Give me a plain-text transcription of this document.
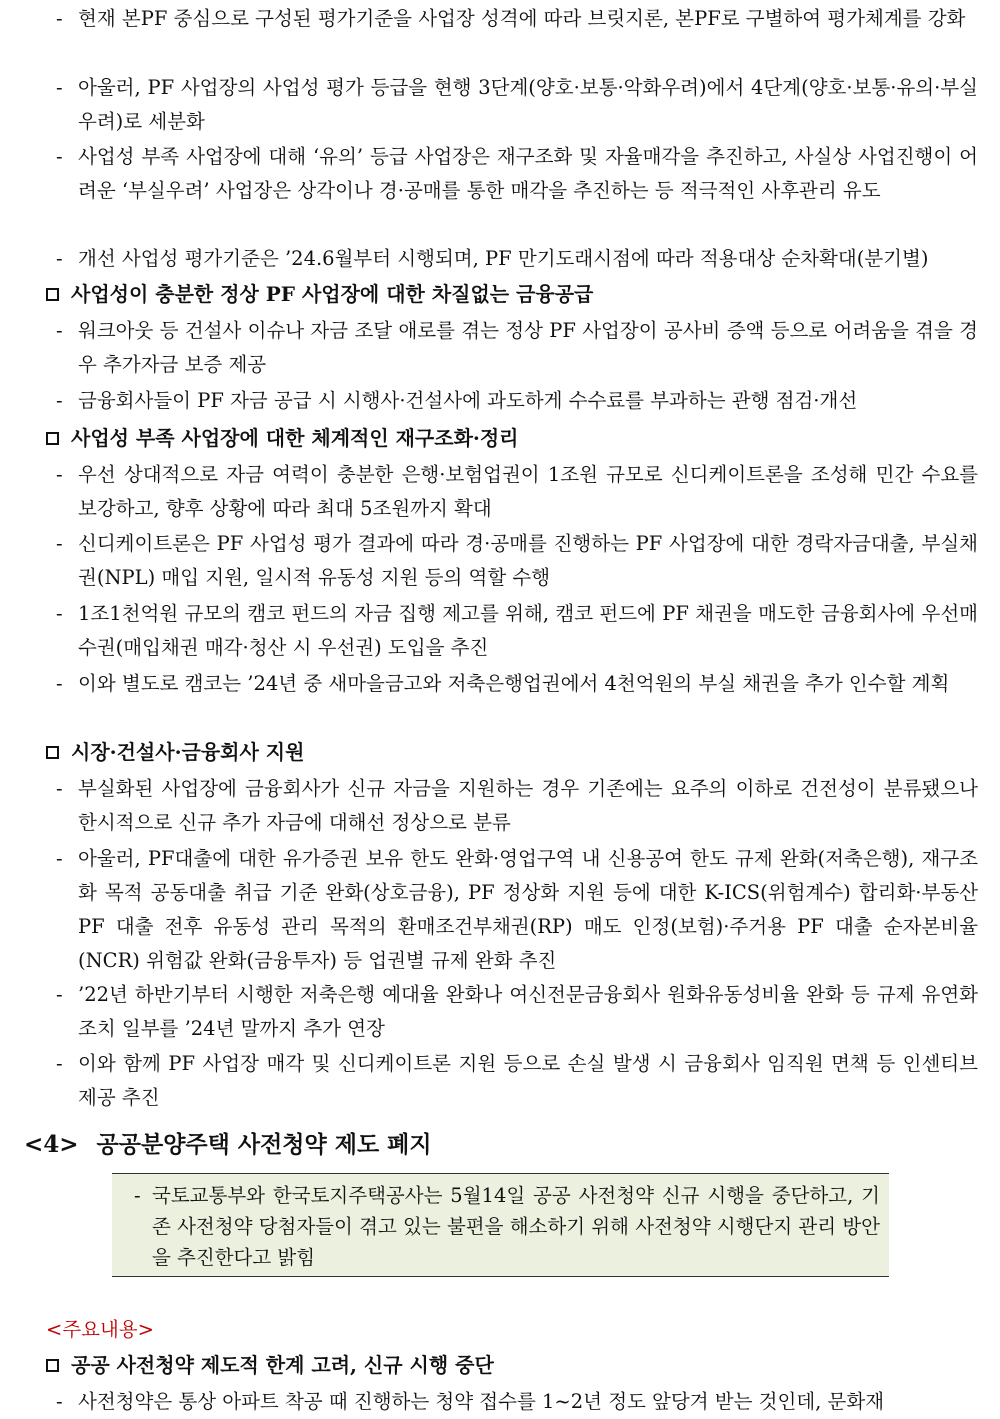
- 현재 본PF 중심으로 구성된 평가기준을 사업장 성격에 따라 브릿지론, 본PF로 구별하여 평가체계를 강화
- 아울러, PF 사업장의 사업성 평가 등급을 현행 3단계(양호·보통·악화우려)에서 4단계(양호·보통·유의·부실우려)로 세분화
- 사업성 부족 사업장에 대해 ‘유의’ 등급 사업장은 재구조화 및 자율매각을 추진하고, 사실상 사업진행이 어려운 ‘부실우려’ 사업장은 상각이나 경·공매를 통한 매각을 추진하는 등 적극적인 사후관리 유도
- 개선 사업성 평가기준은 ’24.6월부터 시행되며, PF 만기도래시점에 따라 적용대상 순차확대(분기별)
사업성이 충분한 정상 PF 사업장에 대한 차질없는 금융공급
- 워크아웃 등 건설사 이슈나 자금 조달 애로를 겪는 정상 PF 사업장이 공사비 증액 등으로 어려움을 겪을 경우 추가자금 보증 제공
- 금융회사들이 PF 자금 공급 시 시행사·건설사에 과도하게 수수료를 부과하는 관행 점검·개선
사업성 부족 사업장에 대한 체계적인 재구조화·정리
- 우선 상대적으로 자금 여력이 충분한 은행·보험업권이 1조원 규모로 신디케이트론을 조성해 민간 수요를 보강하고, 향후 상황에 따라 최대 5조원까지 확대
- 신디케이트론은 PF 사업성 평가 결과에 따라 경·공매를 진행하는 PF 사업장에 대한 경락자금대출, 부실채권(NPL) 매입 지원, 일시적 유동성 지원 등의 역할 수행
- 1조1천억원 규모의 캠코 펀드의 자금 집행 제고를 위해, 캠코 펀드에 PF 채권을 매도한 금융회사에 우선매수권(매입채권 매각·청산 시 우선권) 도입을 추진
- 이와 별도로 캠코는 ’24년 중 새마을금고와 저축은행업권에서 4천억원의 부실 채권을 추가 인수할 계획
시장·건설사·금융회사 지원
- 부실화된 사업장에 금융회사가 신규 자금을 지원하는 경우 기존에는 요주의 이하로 건전성이 분류됐으나 한시적으로 신규 추가 자금에 대해선 정상으로 분류
- 아울러, PF대출에 대한 유가증권 보유 한도 완화·영업구역 내 신용공여 한도 규제 완화(저축은행), 재구조화 목적 공동대출 취급 기준 완화(상호금융), PF 정상화 지원 등에 대한 K-ICS(위험계수) 합리화·부동산 PF 대출 전후 유동성 관리 목적의 환매조건부채권(RP) 매도 인정(보험)·주거용 PF 대출 순자본비율(NCR) 위험값 완화(금융투자) 등 업권별 규제 완화 추진
- ’22년 하반기부터 시행한 저축은행 예대율 완화나 여신전문금융회사 원화유동성비율 완화 등 규제 유연화 조치 일부를 ’24년 말까지 추가 연장
- 이와 함께 PF 사업장 매각 및 신디케이트론 지원 등으로 손실 발생 시 금융회사 임직원 면책 등 인센티브 제공 추진
<4> 공공분양주택 사전청약 제도 폐지
- 국토교통부와 한국토지주택공사는 5월14일 공공 사전청약 신규 시행을 중단하고, 기존 사전청약 당첨자들이 겪고 있는 불편을 해소하기 위해 사전청약 시행단지 관리 방안을 추진한다고 밝힘
<주요내용>
공공 사전청약 제도적 한계 고려, 신규 시행 중단
- 사전청약은 통상 아파트 착공 때 진행하는 청약 접수를 1~2년 정도 앞당겨 받는 것인데, 문화재
